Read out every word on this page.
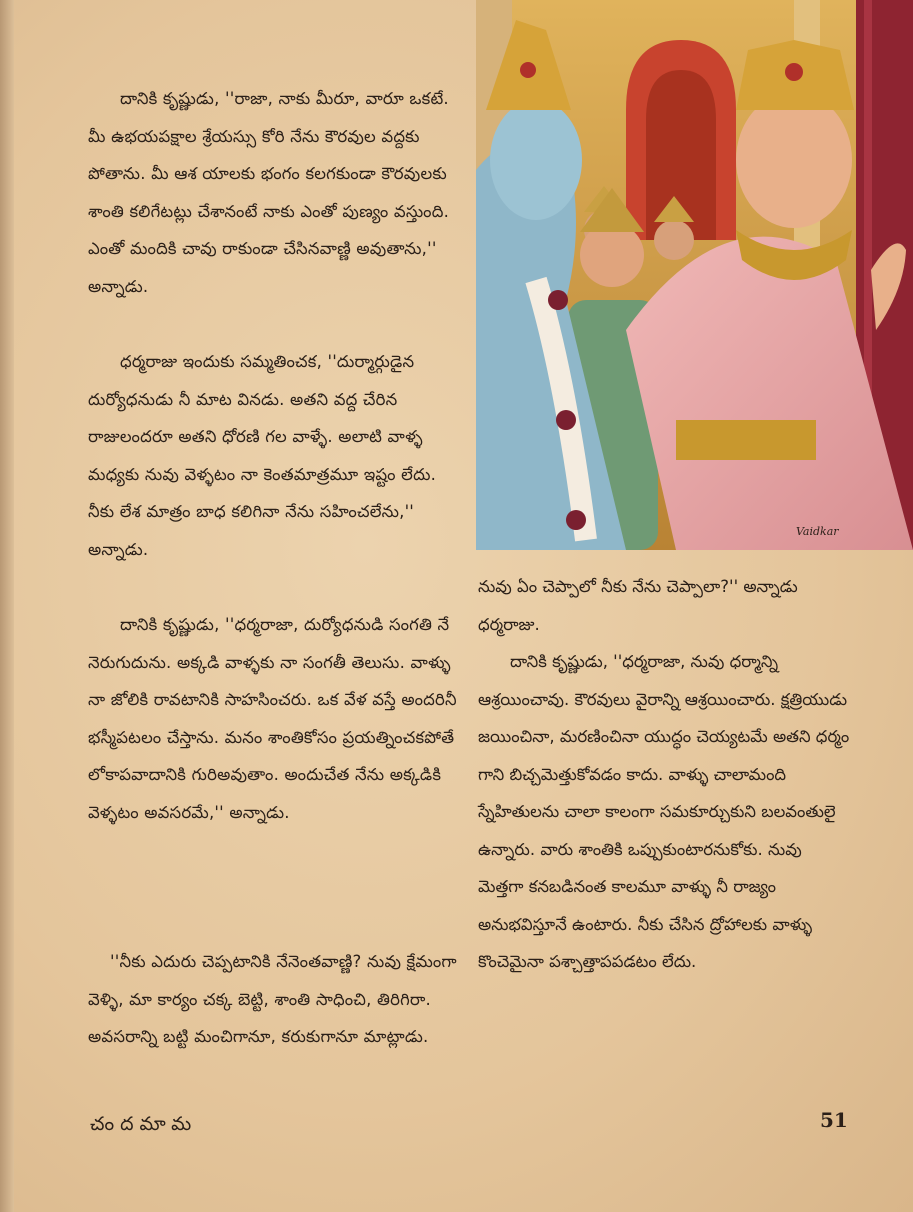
దానికి కృష్ణుడు, ''రాజా, నాకు మీరూ, వారూ ఒకటే. మీ ఉభయపక్షాల శ్రేయస్సు కోరి నేను కౌరవుల వద్దకు పోతాను. మీ ఆశ యాలకు భంగం కలగకుండా కౌరవులకు శాంతి కలిగేటట్లు చేశానంటే నాకు ఎంతో పుణ్యం వస్తుంది. ఎంతో మందికి చావు రాకుండా చేసినవాణ్ణి అవుతాను,'' అన్నాడు.

ధర్మరాజు ఇందుకు సమ్మతించక, ''దుర్మార్గుడైన దుర్యోధనుడు నీ మాట వినడు. అతని వద్ద చేరిన రాజులందరూ అతని ధోరణి గల వాళ్ళే. అలాటి వాళ్ళ మధ్యకు నువు వెళ్ళటం నా కెంతమాత్రమూ ఇష్టం లేదు. నీకు లేశ మాత్రం బాధ కలిగినా నేను సహించలేను,'' అన్నాడు.

దానికి కృష్ణుడు, ''ధర్మరాజా, దుర్యోధనుడి సంగతి నే నెరుగుదును. అక్కడి వాళ్ళకు నా సంగతీ తెలుసు. వాళ్ళు నా జోలికి రావటానికి సాహసించరు. ఒక వేళ వస్తే అందరినీ భస్మీపటలం చేస్తాను. మనం శాంతికోసం ప్రయత్నించకపోతే లోకాపవాదానికి గురిఅవుతాం. అందుచేత నేను అక్కడికి వెళ్ళటం అవసరమే,'' అన్నాడు.

''నీకు ఎదురు చెప్పటానికి నేనెంతవాణ్ణి? నువు క్షేమంగా వెళ్ళి, మా కార్యం చక్క బెట్టి, శాంతి సాధించి, తిరిగిరా. అవసరాన్ని బట్టి మంచిగానూ, కరుకుగానూ మాట్లాడు.

Vaidkar

నువు ఏం చెప్పాలో నీకు నేను చెప్పాలా?'' అన్నాడు ధర్మరాజు.

దానికి కృష్ణుడు, ''ధర్మరాజా, నువు ధర్మాన్ని ఆశ్రయించావు. కౌరవులు వైరాన్ని ఆశ్రయించారు. క్షత్రియుడు జయించినా, మరణించినా యుద్ధం చెయ్యటమే అతని ధర్మం గాని బిచ్చమెత్తుకోవడం కాదు. వాళ్ళు చాలామంది స్నేహితులను చాలా కాలంగా సమకూర్చుకుని బలవంతులై ఉన్నారు. వారు శాంతికి ఒప్పుకుంటారనుకోకు. నువు మెత్తగా కనబడినంత కాలమూ వాళ్ళు నీ రాజ్యం అనుభవిస్తూనే ఉంటారు. నీకు చేసిన ద్రోహాలకు వాళ్ళు కొంచెమైనా పశ్చాత్తాపపడటం లేదు.

చందమామ	51
